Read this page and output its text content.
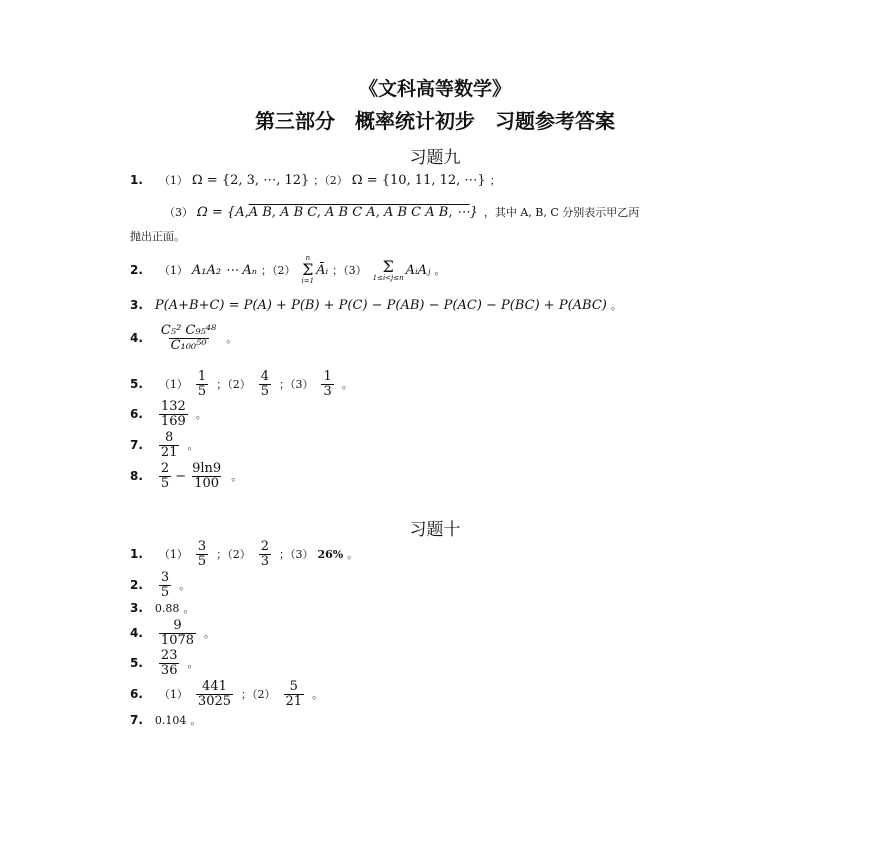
《文科高等数学》
第三部分　概率统计初步　习题参考答案
习题九
1. （1） Ω = {2, 3, ⋯, 12} ；（2） Ω = {10, 11, 12, ⋯} ；
（3） Ω = {A, A B, A B C, A B C A, A B C A B, ⋯ } ，其中 A, B, C 分别表示甲乙丙
抛出正面。
2. （1） A₁A₂ ⋯ Aₙ ；（2）
n
Σ
i=1
Āᵢ ；（3） Σ
1≤i<j≤n AᵢAⱼ 。
3. P(A+B+C) = P(A) + P(B) + P(C) − P(AB) − P(AC) − P(BC) + P(ABC) 。
4. $\frac{\text{C₅² C₉₅⁴⁸}}{\text{C₁₀₀⁵⁰}}$ 。
5. $(1) \frac{1}{5}$ ；$(2) \frac{4}{5}$ ；$(3) \frac{1}{3}$ 。
6. $\frac{132}{169}$ 。
7. $\frac{8}{21}$ 。
8. $\frac{2}{5} - \frac{9\ln 9}{100}$ 。
习题十
1. $(1) \frac{3}{5}$ ；$(2) \frac{2}{3}$ ；（3） 26% 。
2. $\frac{3}{5}$ 。
3. 0.88 。
4. $\frac{9}{1078}$ 。
5. $\frac{23}{36}$ 。
6. $(1) \frac{441}{3025}$ ；$(2) \frac{5}{21}$ 。
7. 0.104 。
